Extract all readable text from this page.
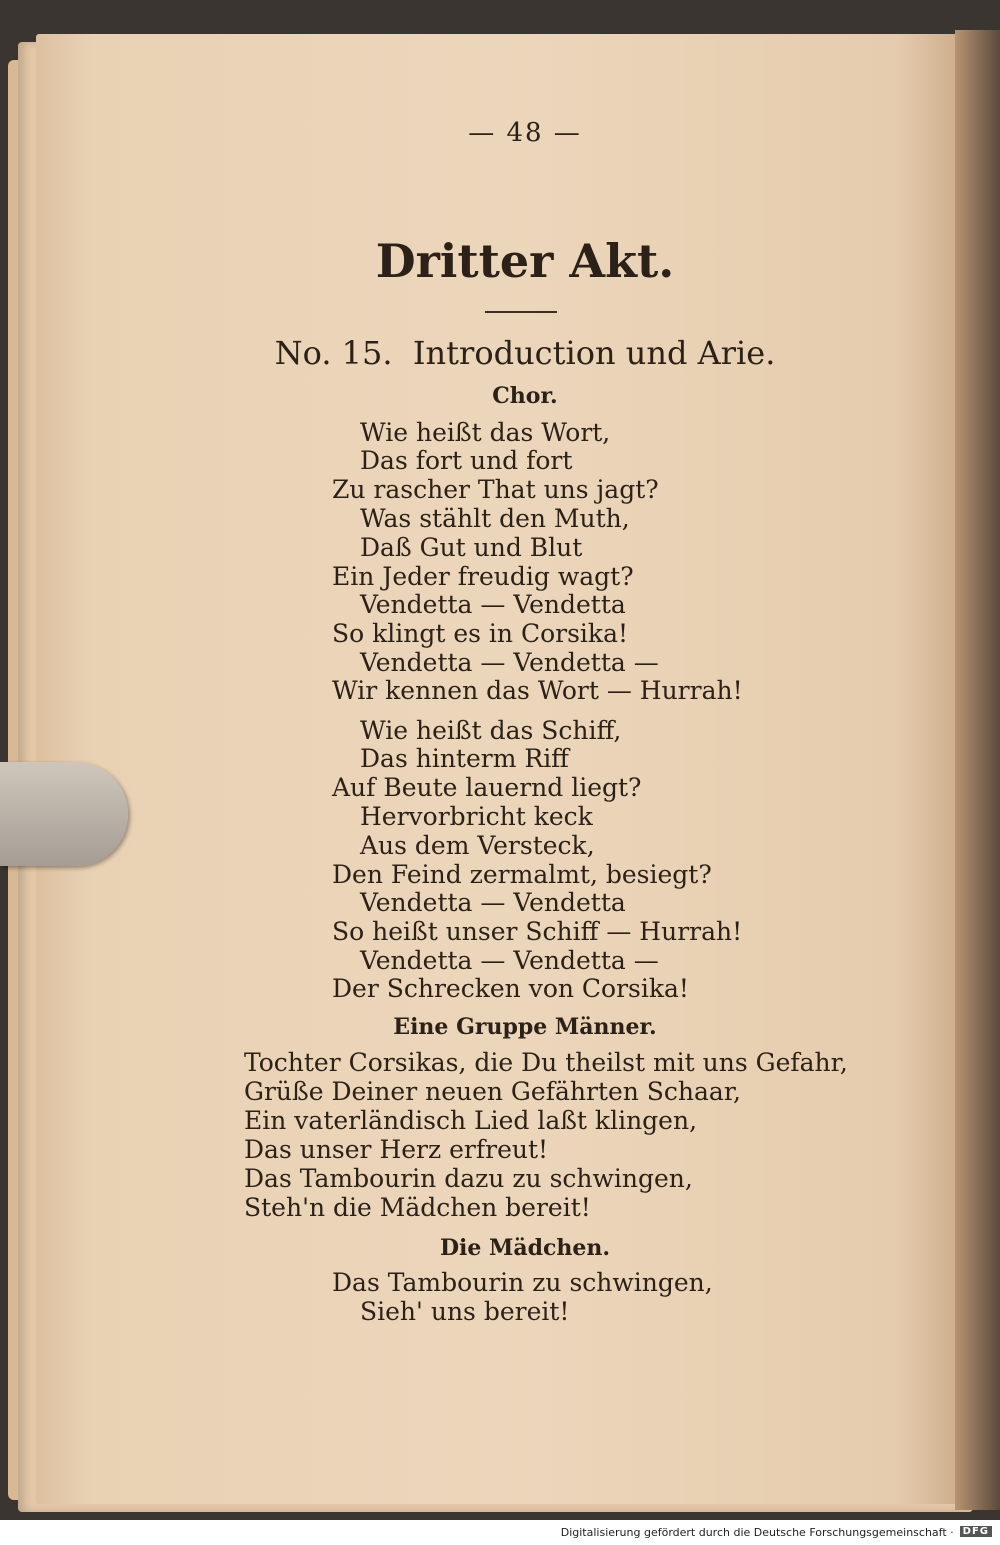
— 48 —
Dritter Akt.
No. 15.  Introduction und Arie.
Chor.
Wie heißt das Wort,
Das fort und fort
Zu rascher That uns jagt?
Was stählt den Muth,
Daß Gut und Blut
Ein Jeder freudig wagt?
Vendetta — Vendetta
So klingt es in Corsika!
Vendetta — Vendetta —
Wir kennen das Wort — Hurrah!
Wie heißt das Schiff,
Das hinterm Riff
Auf Beute lauernd liegt?
Hervorbricht keck
Aus dem Versteck,
Den Feind zermalmt, besiegt?
Vendetta — Vendetta
So heißt unser Schiff — Hurrah!
Vendetta — Vendetta —
Der Schrecken von Corsika!
Eine Gruppe Männer.
Tochter Corsikas, die Du theilst mit uns Gefahr,
Grüße Deiner neuen Gefährten Schaar,
Ein vaterländisch Lied laßt klingen,
Das unser Herz erfreut!
Das Tambourin dazu zu schwingen,
Steh'n die Mädchen bereit!
Die Mädchen.
Das Tambourin zu schwingen,
Sieh' uns bereit!
Digitalisierung gefördert durch die Deutsche Forschungsgemeinschaft · DFG
